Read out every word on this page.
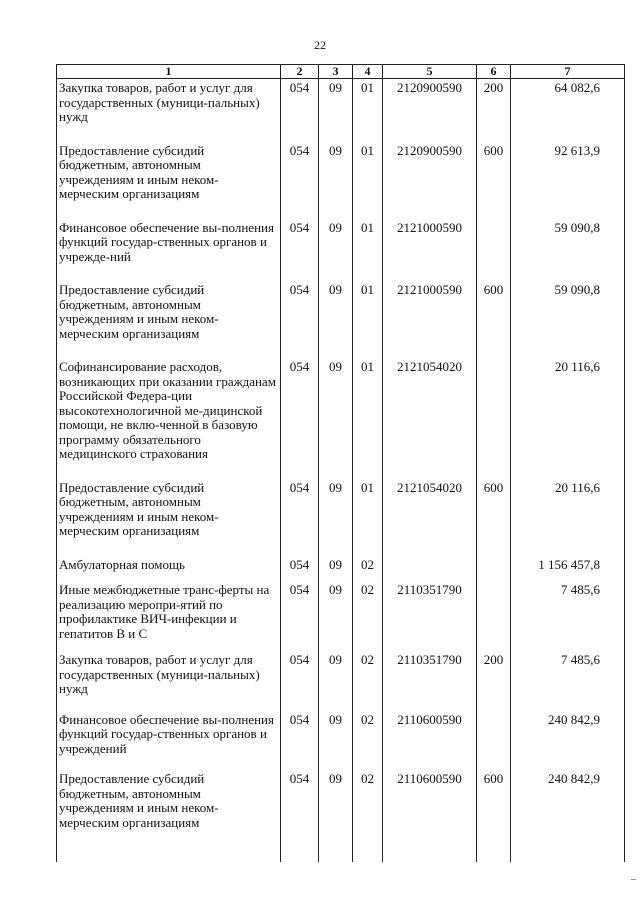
22
1	2	3	4	5	6	7
Закупка товаров, работ и услуг для государственных (муници-пальных) нужд	054	09	01	2120900590	200	64 082,6
Предоставление субсидий бюджетным, автономным учреждениям и иным неком-мерческим организациям	054	09	01	2120900590	600	92 613,9
Финансовое обеспечение вы-полнения функций государ-ственных органов и учрежде-ний	054	09	01	2121000590		59 090,8
Предоставление субсидий бюджетным, автономным учреждениям и иным неком-мерческим организациям	054	09	01	2121000590	600	59 090,8
Софинансирование расходов, возникающих при оказании гражданам Российской Федера-ции высокотехнологичной ме-дицинской помощи, не вклю-ченной в базовую программу обязательного медицинского страхования	054	09	01	2121054020		20 116,6
Предоставление субсидий бюджетным, автономным учреждениям и иным неком-мерческим организациям	054	09	01	2121054020	600	20 116,6
Амбулаторная помощь	054	09	02			1 156 457,8
Иные межбюджетные транс-ферты на реализацию меропри-ятий по профилактике ВИЧ-инфекции и гепатитов В и С	054	09	02	2110351790		7 485,6
Закупка товаров, работ и услуг для государственных (муници-пальных) нужд	054	09	02	2110351790	200	7 485,6
Финансовое обеспечение вы-полнения функций государ-ственных органов и учреждений	054	09	02	2110600590		240 842,9
Предоставление субсидий бюджетным, автономным учреждениям и иным неком-мерческим организациям	054	09	02	2110600590	600	240 842,9

–
